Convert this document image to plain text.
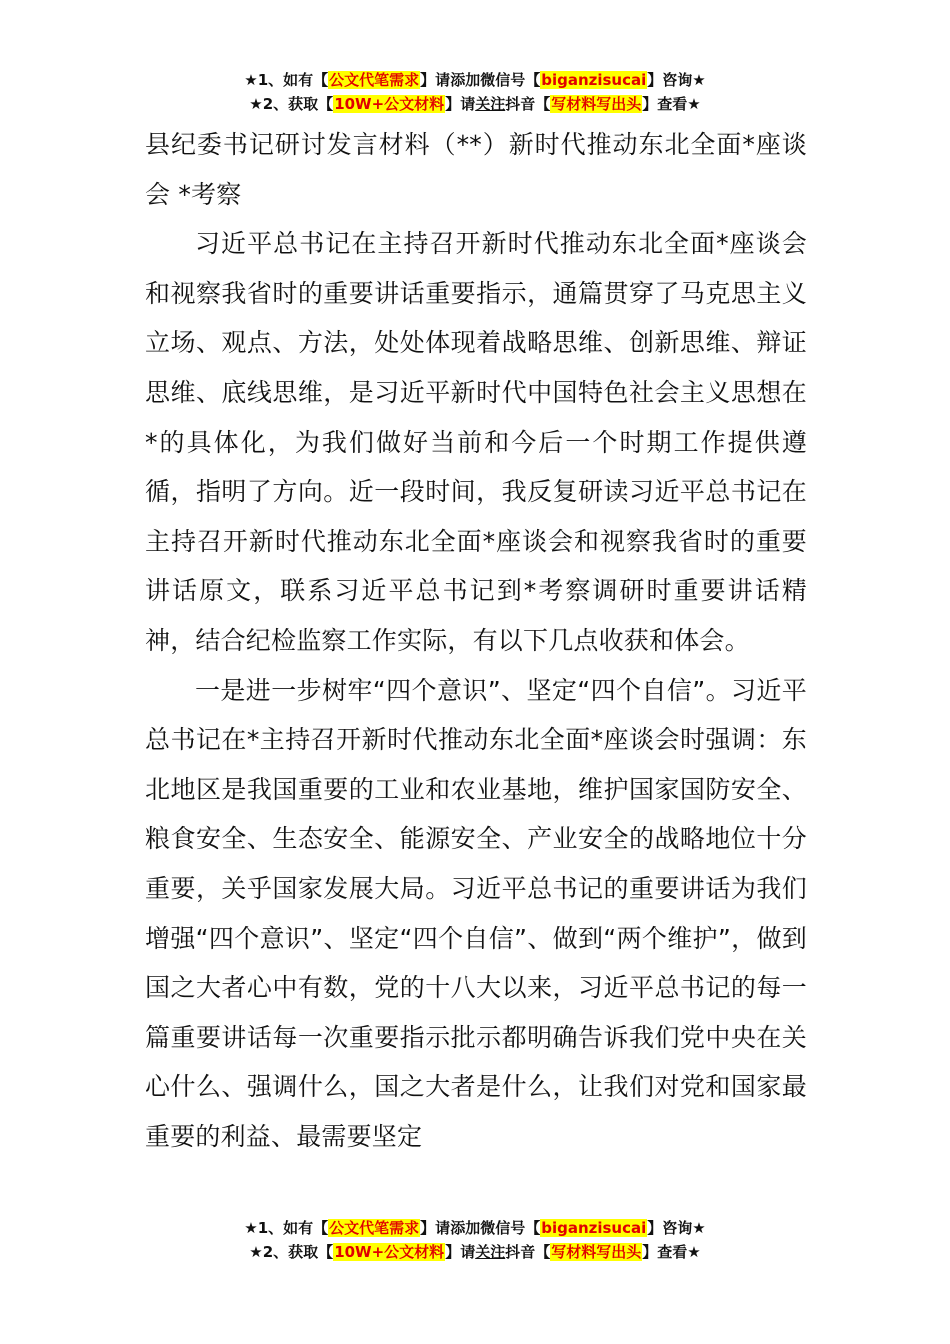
★1、如有【公文代笔需求】请添加微信号【biganzisucai】咨询★
★2、获取【10W+公文材料】请关注抖音【写材料写出头】查看★

县纪委书记研讨发言材料（**）新时代推动东北全面*座谈会 *考察

习近平总书记在主持召开新时代推动东北全面*座谈会和视察我省时的重要讲话重要指示，通篇贯穿了马克思主义立场、观点、方法，处处体现着战略思维、创新思维、辩证思维、底线思维，是习近平新时代中国特色社会主义思想在*的具体化，为我们做好当前和今后一个时期工作提供遵循，指明了方向。近一段时间，我反复研读习近平总书记在主持召开新时代推动东北全面*座谈会和视察我省时的重要讲话原文，联系习近平总书记到*考察调研时重要讲话精神，结合纪检监察工作实际，有以下几点收获和体会。

一是进一步树牢“四个意识”、坚定“四个自信”。习近平总书记在*主持召开新时代推动东北全面*座谈会时强调：东北地区是我国重要的工业和农业基地，维护国家国防安全、粮食安全、生态安全、能源安全、产业安全的战略地位十分重要，关乎国家发展大局。习近平总书记的重要讲话为我们增强“四个意识”、坚定“四个自信”、做到“两个维护”，做到国之大者心中有数，党的十八大以来，习近平总书记的每一篇重要讲话每一次重要指示批示都明确告诉我们党中央在关心什么、强调什么，国之大者是什么，让我们对党和国家最重要的利益、最需要坚定

★1、如有【公文代笔需求】请添加微信号【biganzisucai】咨询★
★2、获取【10W+公文材料】请关注抖音【写材料写出头】查看★
